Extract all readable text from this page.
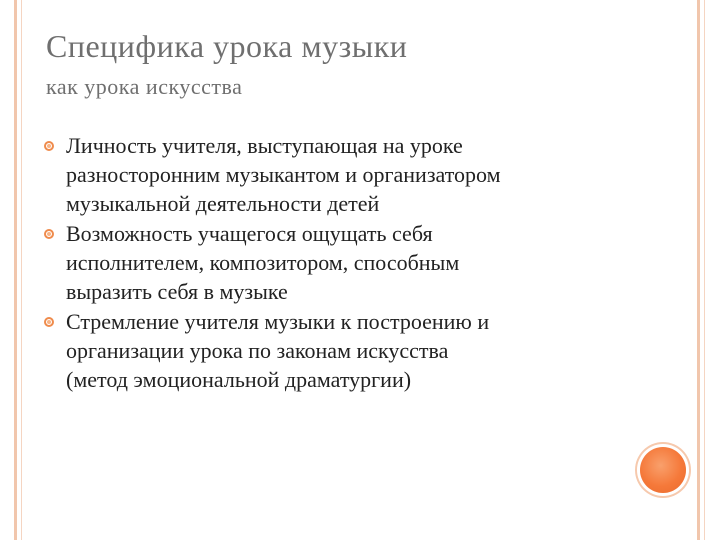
Специфика урока музыки
как урока искусства
Личность учителя, выступающая на уроке
разносторонним музыкантом и организатором
музыкальной деятельности детей
Возможность учащегося ощущать себя
исполнителем, композитором, способным
выразить себя в музыке
Стремление учителя музыки к построению и
организации урока по законам искусства
(метод эмоциональной драматургии)
